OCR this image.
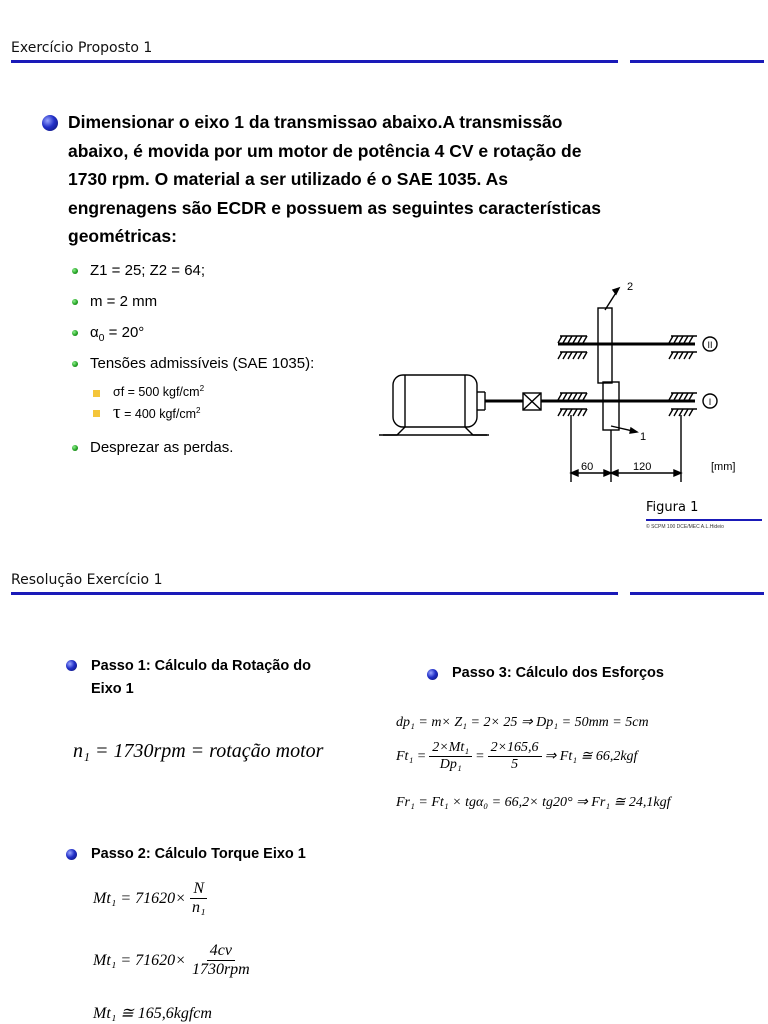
Exercício Proposto 1
Dimensionar o eixo 1 da transmissao abaixo.A transmissão
abaixo, é movida por um motor de potência 4 CV e rotação de
1730 rpm. O material a ser utilizado é o SAE 1035. As
engrenagens são ECDR e possuem as seguintes características
geométricas:
Z1 = 25; Z2 = 64;
m = 2 mm
$\alpha_0 = 20^\circ$
Tensões admissíveis (SAE 1035):
σf = 500 kgf/$cm^2$
τ = 400 kgf/$cm^2$
Desprezar as perdas.
2
1
II
I
60	120	[mm]
Figura 1
© SCPM 100 DCE/MEC A.L.Hideio
Resolução Exercício 1
Passo 1: Cálculo da Rotação do
Eixo 1
n₁ = 1730rpm = rotação motor
Passo 3: Cálculo dos Esforços
dp₁ = m× Z₁ = 2× 25 ⇒ Dp₁ = 50mm = 5cm
$Ft_1 = \frac{\text{2×Mt₁}}{\text{Dp₁}} = \frac{2\times 165,6}{5}$ ⇒ Ft₁ ≅ 66,2kgf
Fr₁ = Ft₁ × tgα₀ = 66,2× tg20° ⇒ Fr₁ ≅ 24,1kgf
Passo 2: Cálculo Torque Eixo 1
$Mt_1 = 71620\times \frac{N}{\text{n₁}}$
$Mt_1 = 71620\times \frac{4cv}{\text{1730rpm}}$
Mt₁ ≅ 165,6kgfcm
